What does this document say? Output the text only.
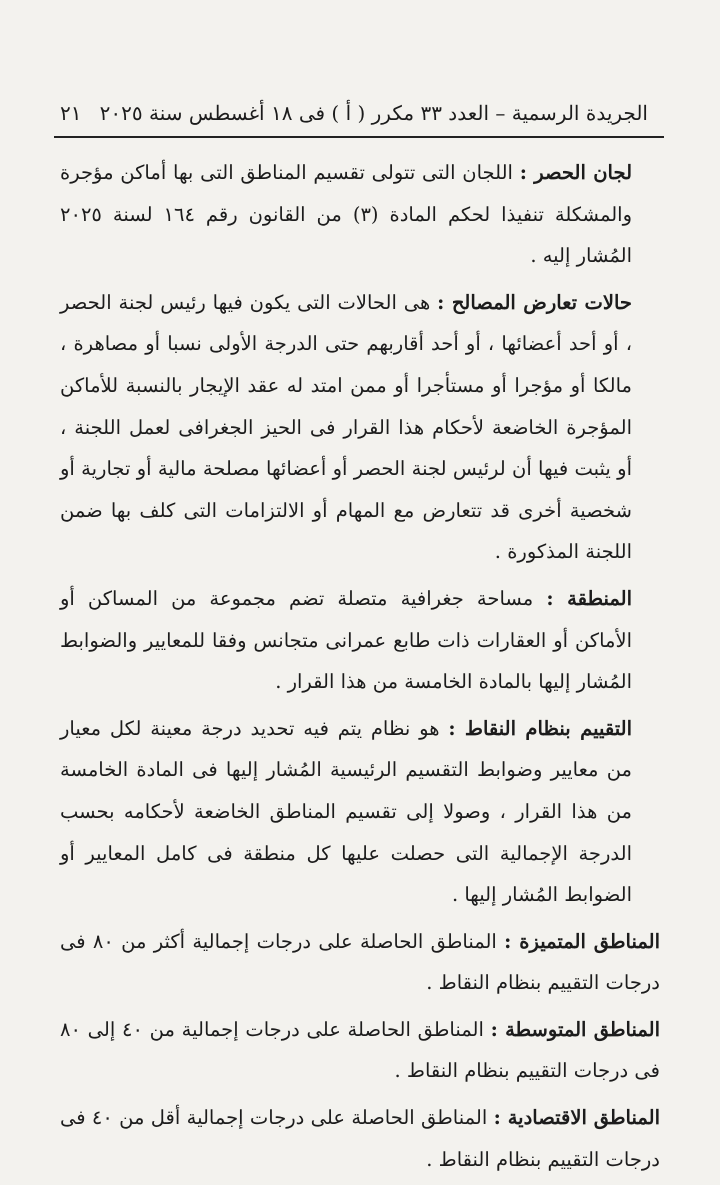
الجريدة الرسمية – العدد ٣٣ مكرر ( أ ) فى ١٨ أغسطس سنة ٢٠٢٥
٢١

لجان الحصر : اللجان التى تتولى تقسيم المناطق التى بها أماكن مؤجرة والمشكلة تنفيذا لحكم المادة (٣) من القانون رقم ١٦٤ لسنة ٢٠٢٥ المُشار إليه .

حالات تعارض المصالح : هى الحالات التى يكون فيها رئيس لجنة الحصر ، أو أحد أعضائها ، أو أحد أقاربهم حتى الدرجة الأولى نسبا أو مصاهرة ، مالكا أو مؤجرا أو مستأجرا أو ممن امتد له عقد الإيجار بالنسبة للأماكن المؤجرة الخاضعة لأحكام هذا القرار فى الحيز الجغرافى لعمل اللجنة ، أو يثبت فيها أن لرئيس لجنة الحصر أو أعضائها مصلحة مالية أو تجارية أو شخصية أخرى قد تتعارض مع المهام أو الالتزامات التى كلف بها ضمن اللجنة المذكورة .

المنطقة : مساحة جغرافية متصلة تضم مجموعة من المساكن أو الأماكن أو العقارات ذات طابع عمرانى متجانس وفقا للمعايير والضوابط المُشار إليها بالمادة الخامسة من هذا القرار .

التقييم بنظام النقاط : هو نظام يتم فيه تحديد درجة معينة لكل معيار من معايير وضوابط التقسيم الرئيسية المُشار إليها فى المادة الخامسة من هذا القرار ، وصولا إلى تقسيم المناطق الخاضعة لأحكامه بحسب الدرجة الإجمالية التى حصلت عليها كل منطقة فى كامل المعايير أو الضوابط المُشار إليها .

المناطق المتميزة : المناطق الحاصلة على درجات إجمالية أكثر من ٨٠ فى درجات التقييم بنظام النقاط .

المناطق المتوسطة : المناطق الحاصلة على درجات إجمالية من ٤٠ إلى ٨٠ فى درجات التقييم بنظام النقاط .

المناطق الاقتصادية : المناطق الحاصلة على درجات إجمالية أقل من ٤٠ فى درجات التقييم بنظام النقاط .
